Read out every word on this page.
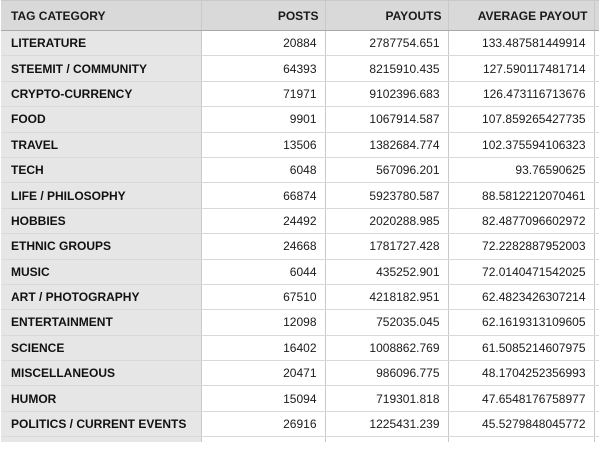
TAG CATEGORY	POSTS	PAYOUTS	AVERAGE PAYOUT	
LITERATURE	20884	2787754.651	133.487581449914	
STEEMIT / COMMUNITY	64393	8215910.435	127.590117481714	
CRYPTO-CURRENCY	71971	9102396.683	126.473116713676	
FOOD	9901	1067914.587	107.859265427735	
TRAVEL	13506	1382684.774	102.375594106323	
TECH	6048	567096.201	93.76590625	
LIFE / PHILOSOPHY	66874	5923780.587	88.5812212070461	
HOBBIES	24492	2020288.985	82.4877096602972	
ETHNIC GROUPS	24668	1781727.428	72.2282887952003	
MUSIC	6044	435252.901	72.0140471542025	
ART / PHOTOGRAPHY	67510	4218182.951	62.4823426307214	
ENTERTAINMENT	12098	752035.045	62.1619313109605	
SCIENCE	16402	1008862.769	61.5085214607975	
MISCELLANEOUS	20471	986096.775	48.1704252356993	
HUMOR	15094	719301.818	47.6548176758977	
POLITICS / CURRENT EVENTS	26916	1225431.239	45.5279848045772	
